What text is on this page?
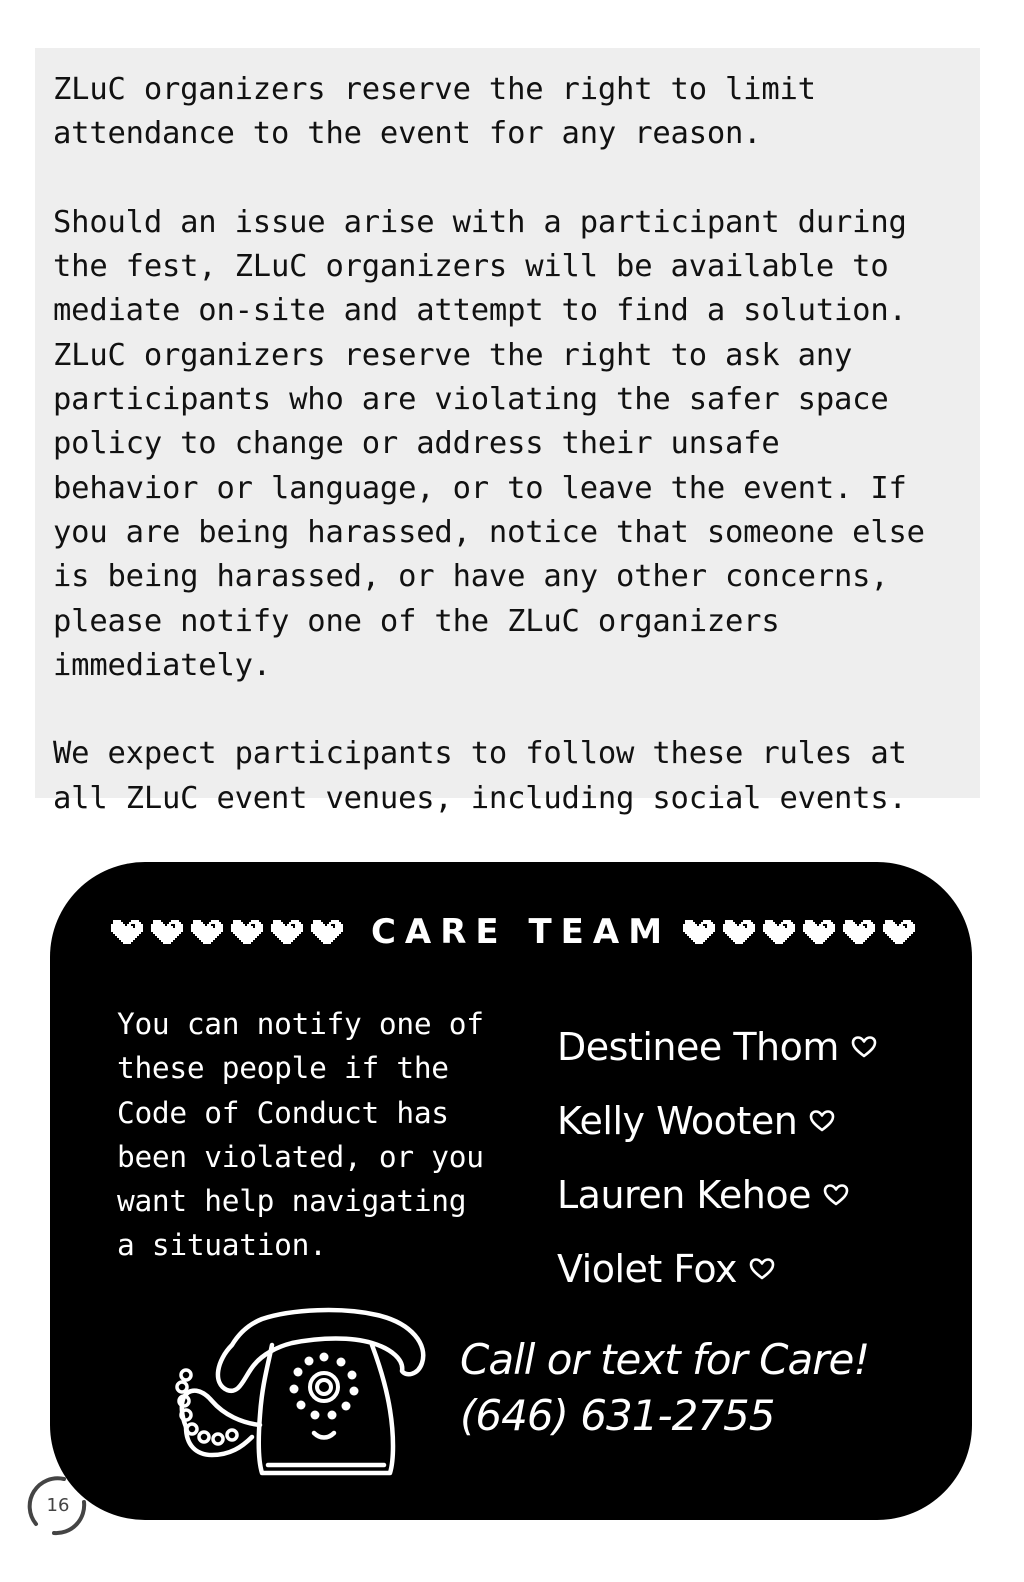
ZLuC organizers reserve the right to limit
attendance to the event for any reason.

Should an issue arise with a participant during
the fest, ZLuC organizers will be available to
mediate on-site and attempt to find a solution.
ZLuC organizers reserve the right to ask any
participants who are violating the safer space
policy to change or address their unsafe
behavior or language, or to leave the event. If
you are being harassed, notice that someone else
is being harassed, or have any other concerns,
please notify one of the ZLuC organizers
immediately.

We expect participants to follow these rules at
all ZLuC event venues, including social events.

CARE TEAM

You can notify one of
these people if the
Code of Conduct has
been violated, or you
want help navigating
a situation.

Destinee Thom
Kelly Wooten
Lauren Kehoe
Violet Fox
Call or text for Care!
(646) 631-2755
16
